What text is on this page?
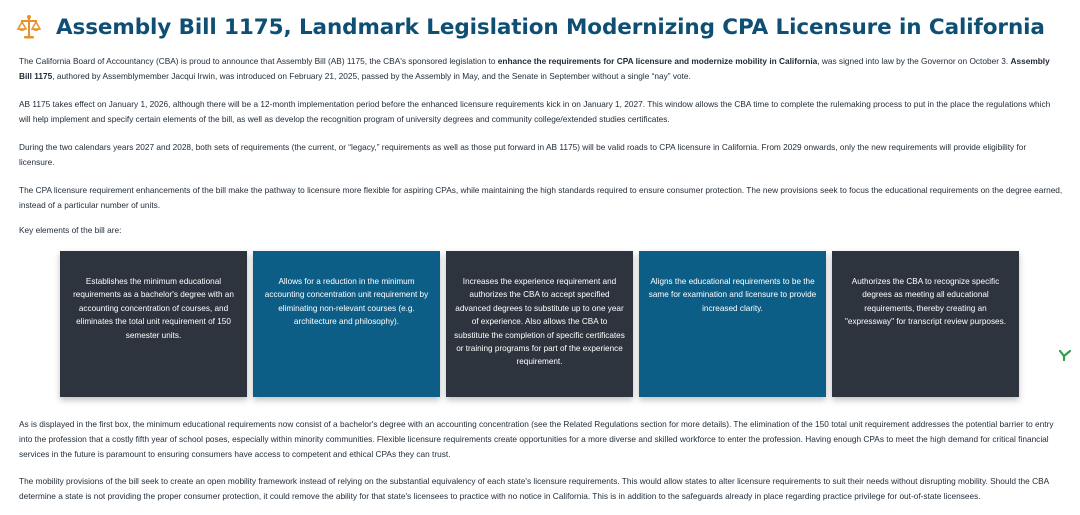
Assembly Bill 1175, Landmark Legislation Modernizing CPA Licensure in California

The California Board of Accountancy (CBA) is proud to announce that Assembly Bill (AB) 1175, the CBA's sponsored legislation to enhance the requirements for CPA licensure and modernize mobility in California, was signed into law by the Governor on October 3. Assembly Bill 1175, authored by Assemblymember Jacqui Irwin, was introduced on February 21, 2025, passed by the Assembly in May, and the Senate in September without a single “nay” vote.

AB 1175 takes effect on January 1, 2026, although there will be a 12-month implementation period before the enhanced licensure requirements kick in on January 1, 2027. This window allows the CBA time to complete the rulemaking process to put in the place the regulations which will help implement and specify certain elements of the bill, as well as develop the recognition program of university degrees and community college/extended studies certificates.

During the two calendars years 2027 and 2028, both sets of requirements (the current, or “legacy,” requirements as well as those put forward in AB 1175) will be valid roads to CPA licensure in California. From 2029 onwards, only the new requirements will provide eligibility for licensure.

The CPA licensure requirement enhancements of the bill make the pathway to licensure more flexible for aspiring CPAs, while maintaining the high standards required to ensure consumer protection. The new provisions seek to focus the educational requirements on the degree earned, instead of a particular number of units.

Key elements of the bill are:

Establishes the minimum educational requirements as a bachelor's degree with an accounting concentration of courses, and eliminates the total unit requirement of 150 semester units.
Allows for a reduction in the minimum accounting concentration unit requirement by eliminating non-relevant courses (e.g. architecture and philosophy).
Increases the experience requirement and authorizes the CBA to accept specified advanced degrees to substitute up to one year of experience. Also allows the CBA to substitute the completion of specific certificates or training programs for part of the experience requirement.
Aligns the educational requirements to be the same for examination and licensure to provide increased clarity.
Authorizes the CBA to recognize specific degrees as meeting all educational requirements, thereby creating an "expressway" for transcript review purposes.

As is displayed in the first box, the minimum educational requirements now consist of a bachelor's degree with an accounting concentration (see the Related Regulations section for more details). The elimination of the 150 total unit requirement addresses the potential barrier to entry into the profession that a costly fifth year of school poses, especially within minority communities. Flexible licensure requirements create opportunities for a more diverse and skilled workforce to enter the profession. Having enough CPAs to meet the high demand for critical financial services in the future is paramount to ensuring consumers have access to competent and ethical CPAs they can trust.

The mobility provisions of the bill seek to create an open mobility framework instead of relying on the substantial equivalency of each state's licensure requirements. This would allow states to alter licensure requirements to suit their needs without disrupting mobility. Should the CBA determine a state is not providing the proper consumer protection, it could remove the ability for that state's licensees to practice with no notice in California. This is in addition to the safeguards already in place regarding practice privilege for out-of-state licensees.
